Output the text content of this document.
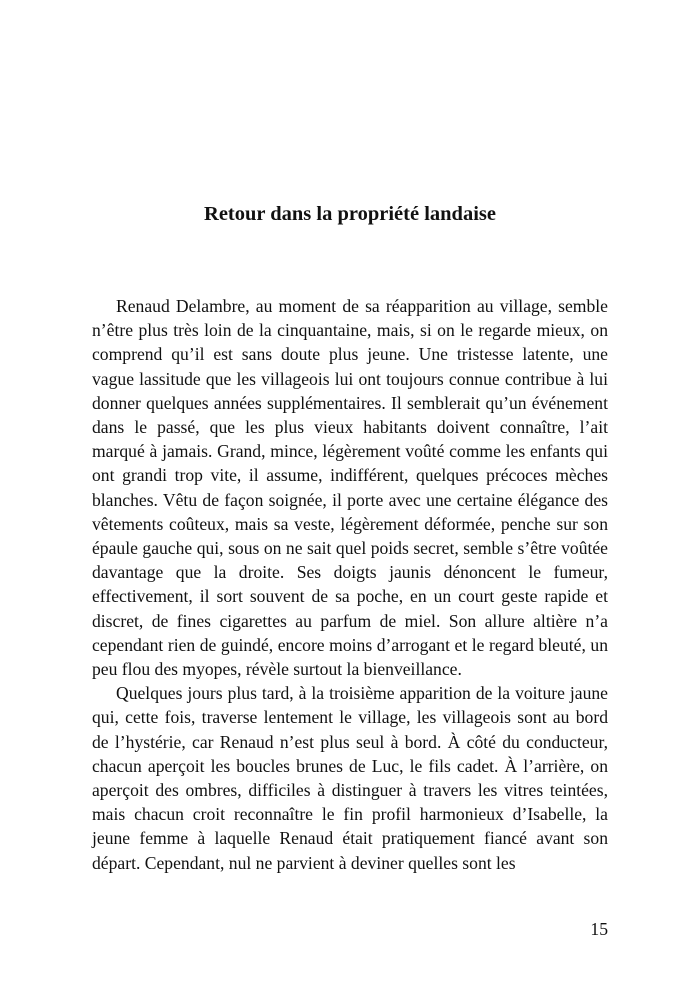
Retour dans la propriété landaise

Renaud Delambre, au moment de sa réapparition au village, semble n’être plus très loin de la cinquantaine, mais, si on le regarde mieux, on comprend qu’il est sans doute plus jeune. Une tristesse latente, une vague lassitude que les villageois lui ont toujours connue contribue à lui donner quelques années supplémentaires. Il semblerait qu’un événement dans le passé, que les plus vieux habitants doivent connaître, l’ait marqué à jamais. Grand, mince, légèrement voûté comme les enfants qui ont grandi trop vite, il assume, indifférent, quelques précoces mèches blanches. Vêtu de façon soignée, il porte avec une certaine élégance des vêtements coûteux, mais sa veste, légèrement déformée, penche sur son épaule gauche qui, sous on ne sait quel poids secret, semble s’être voûtée davantage que la droite. Ses doigts jaunis dénoncent le fumeur, effectivement, il sort souvent de sa poche, en un court geste rapide et discret, de fines cigarettes au parfum de miel. Son allure altière n’a cependant rien de guindé, encore moins d’arrogant et le regard bleuté, un peu flou des myopes, révèle surtout la bienveillance.

Quelques jours plus tard, à la troisième apparition de la voiture jaune qui, cette fois, traverse lentement le village, les villageois sont au bord de l’hystérie, car Renaud n’est plus seul à bord. À côté du conducteur, chacun aperçoit les boucles brunes de Luc, le fils cadet. À l’arrière, on aperçoit des ombres, difficiles à distinguer à travers les vitres teintées, mais chacun croit reconnaître le fin profil harmonieux d’Isabelle, la jeune femme à laquelle Renaud était pratiquement fiancé avant son départ. Cependant, nul ne parvient à deviner quelles sont les

15
